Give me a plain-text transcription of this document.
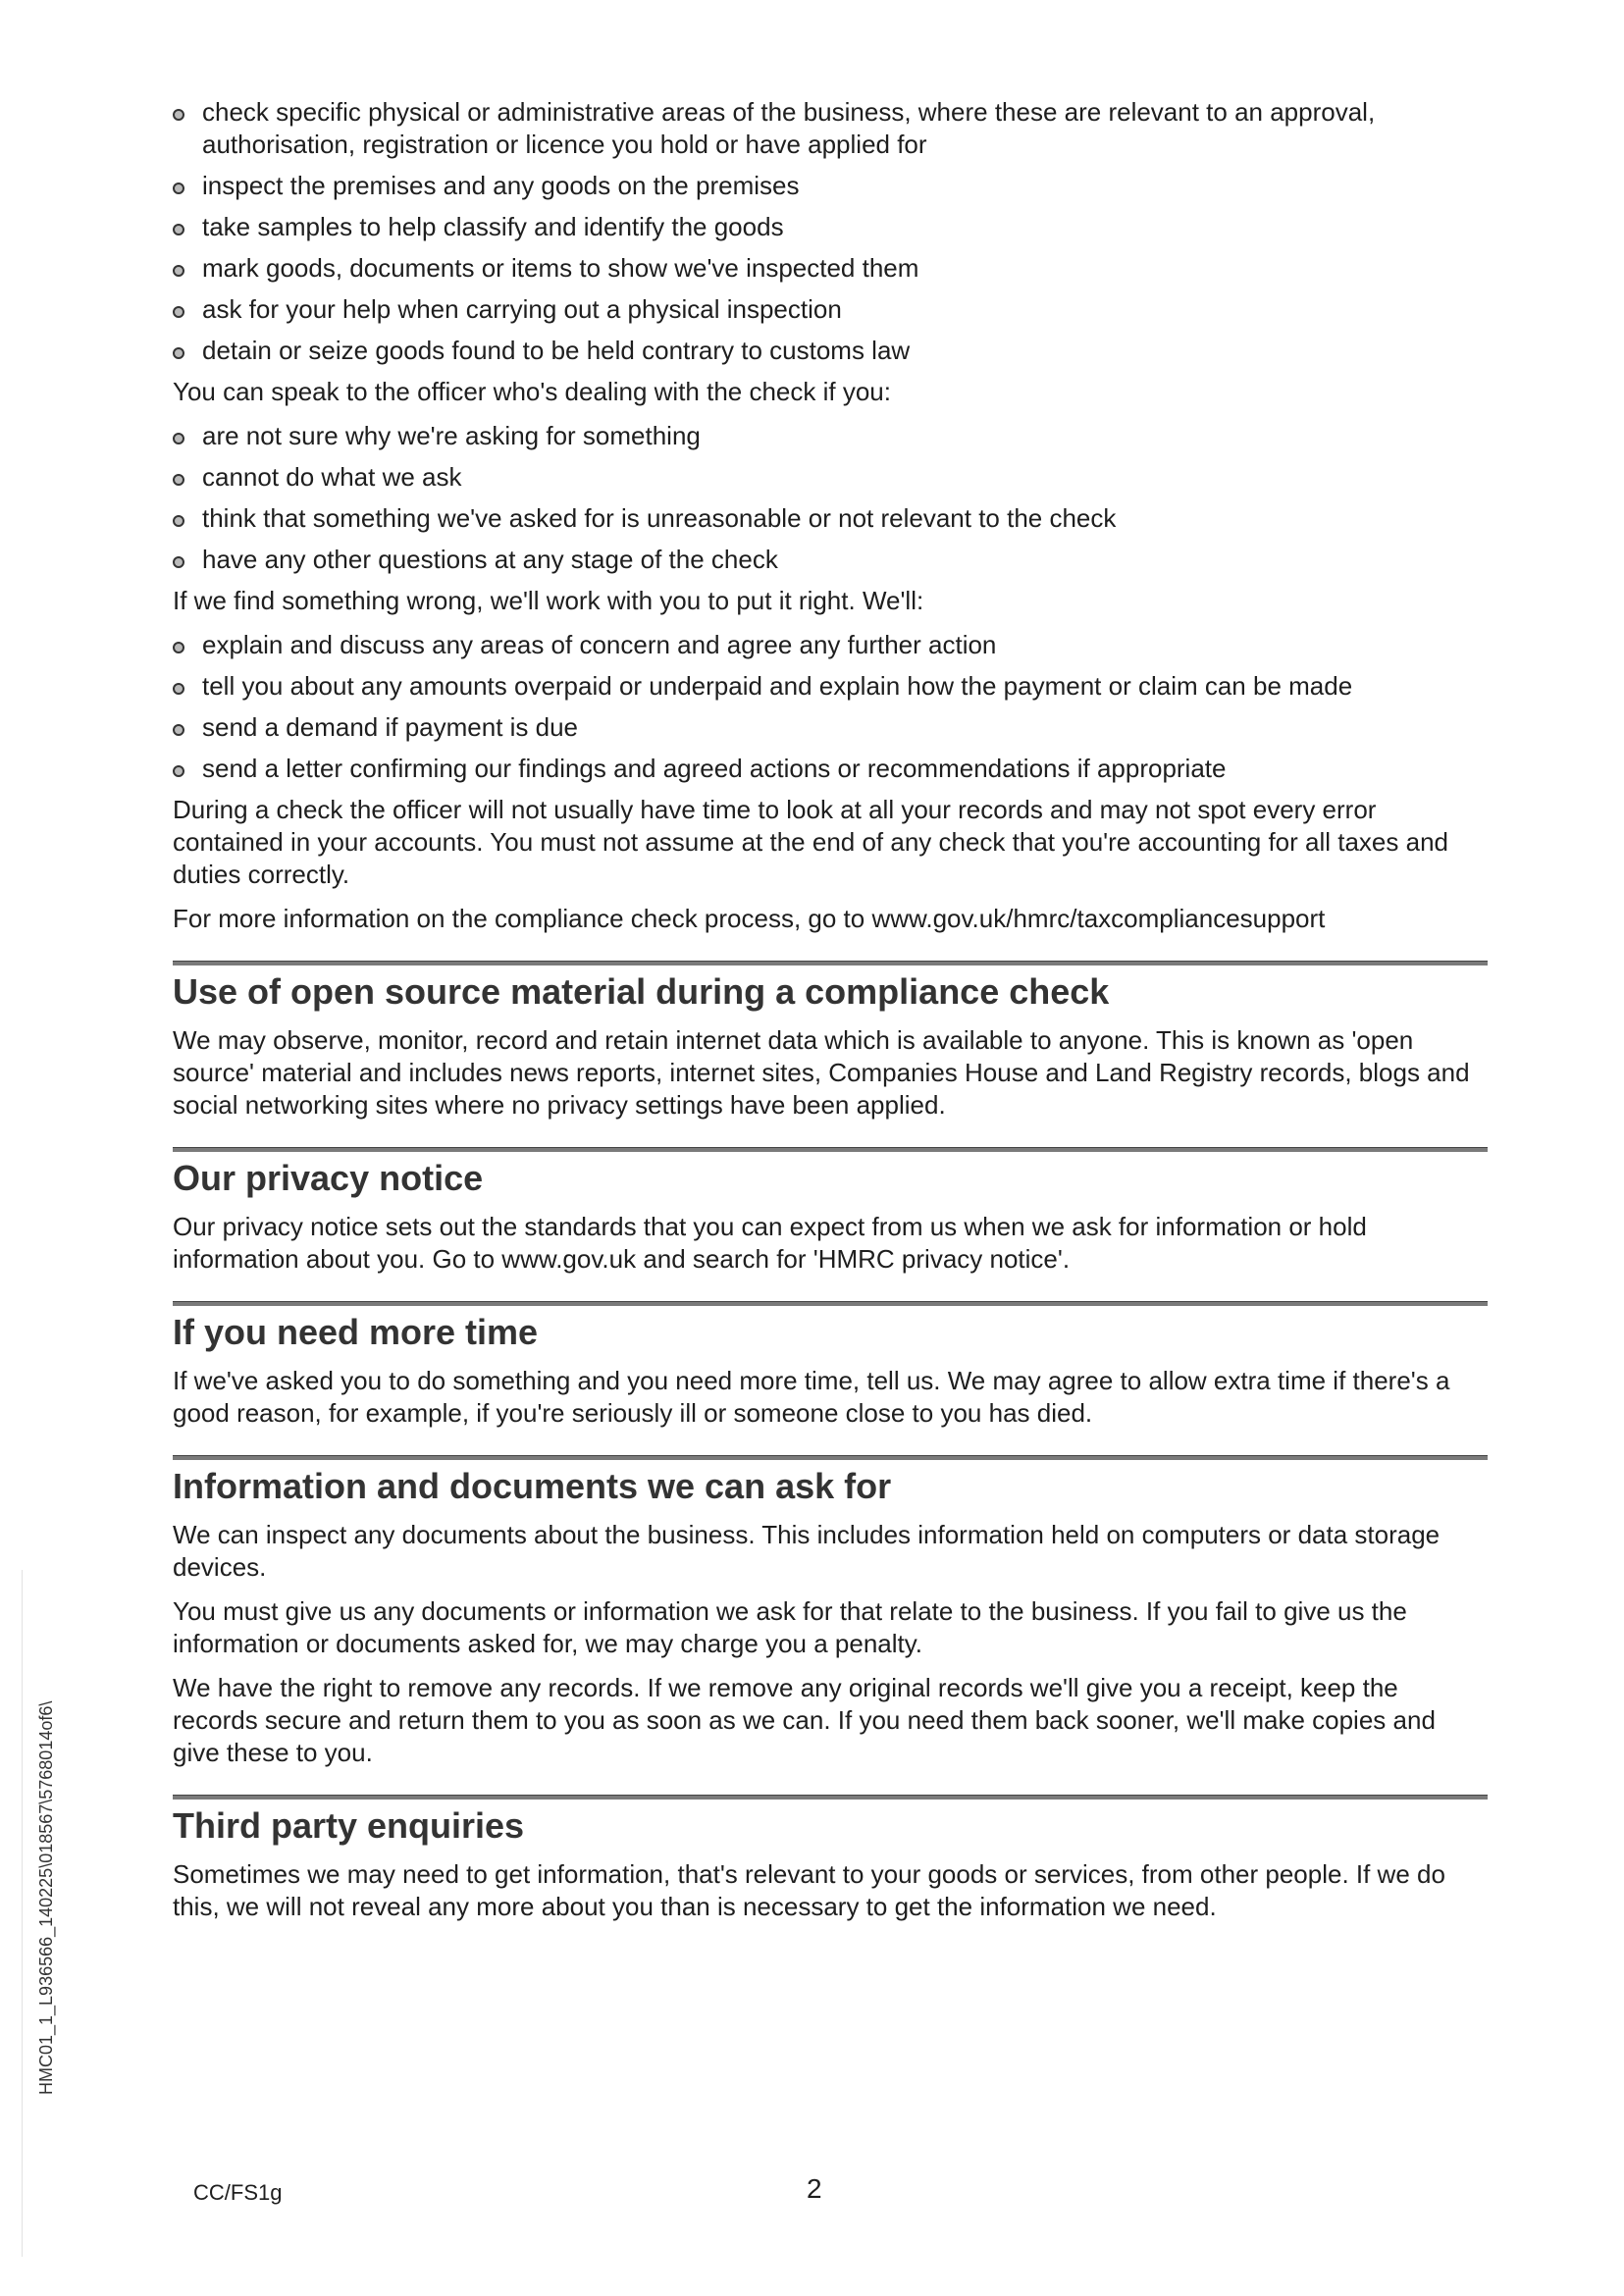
HMC01_1_L936566_140225\018567\5768014of6\
check specific physical or administrative areas of the business, where these are relevant to an approval, authorisation, registration or licence you hold or have applied for
inspect the premises and any goods on the premises
take samples to help classify and identify the goods
mark goods, documents or items to show we've inspected them
ask for your help when carrying out a physical inspection
detain or seize goods found to be held contrary to customs law

You can speak to the officer who's dealing with the check if you:

are not sure why we're asking for something
cannot do what we ask
think that something we've asked for is unreasonable or not relevant to the check
have any other questions at any stage of the check

If we find something wrong, we'll work with you to put it right. We'll:

explain and discuss any areas of concern and agree any further action
tell you about any amounts overpaid or underpaid and explain how the payment or claim can be made
send a demand if payment is due
send a letter confirming our findings and agreed actions or recommendations if appropriate

During a check the officer will not usually have time to look at all your records and may not spot every error contained in your accounts. You must not assume at the end of any check that you're accounting for all taxes and duties correctly.

For more information on the compliance check process, go to www.gov.uk/hmrc/taxcompliancesupport

Use of open source material during a compliance check

We may observe, monitor, record and retain internet data which is available to anyone. This is known as 'open source' material and includes news reports, internet sites, Companies House and Land Registry records, blogs and social networking sites where no privacy settings have been applied.

Our privacy notice

Our privacy notice sets out the standards that you can expect from us when we ask for information or hold information about you. Go to www.gov.uk and search for 'HMRC privacy notice'.

If you need more time

If we've asked you to do something and you need more time, tell us. We may agree to allow extra time if there's a good reason, for example, if you're seriously ill or someone close to you has died.

Information and documents we can ask for

We can inspect any documents about the business. This includes information held on computers or data storage devices.

You must give us any documents or information we ask for that relate to the business. If you fail to give us the information or documents asked for, we may charge you a penalty.

We have the right to remove any records. If we remove any original records we'll give you a receipt, keep the records secure and return them to you as soon as we can. If you need them back sooner, we'll make copies and give these to you.

Third party enquiries

Sometimes we may need to get information, that's relevant to your goods or services, from other people. If we do this, we will not reveal any more about you than is necessary to get the information we need.

CC/FS1g	2
